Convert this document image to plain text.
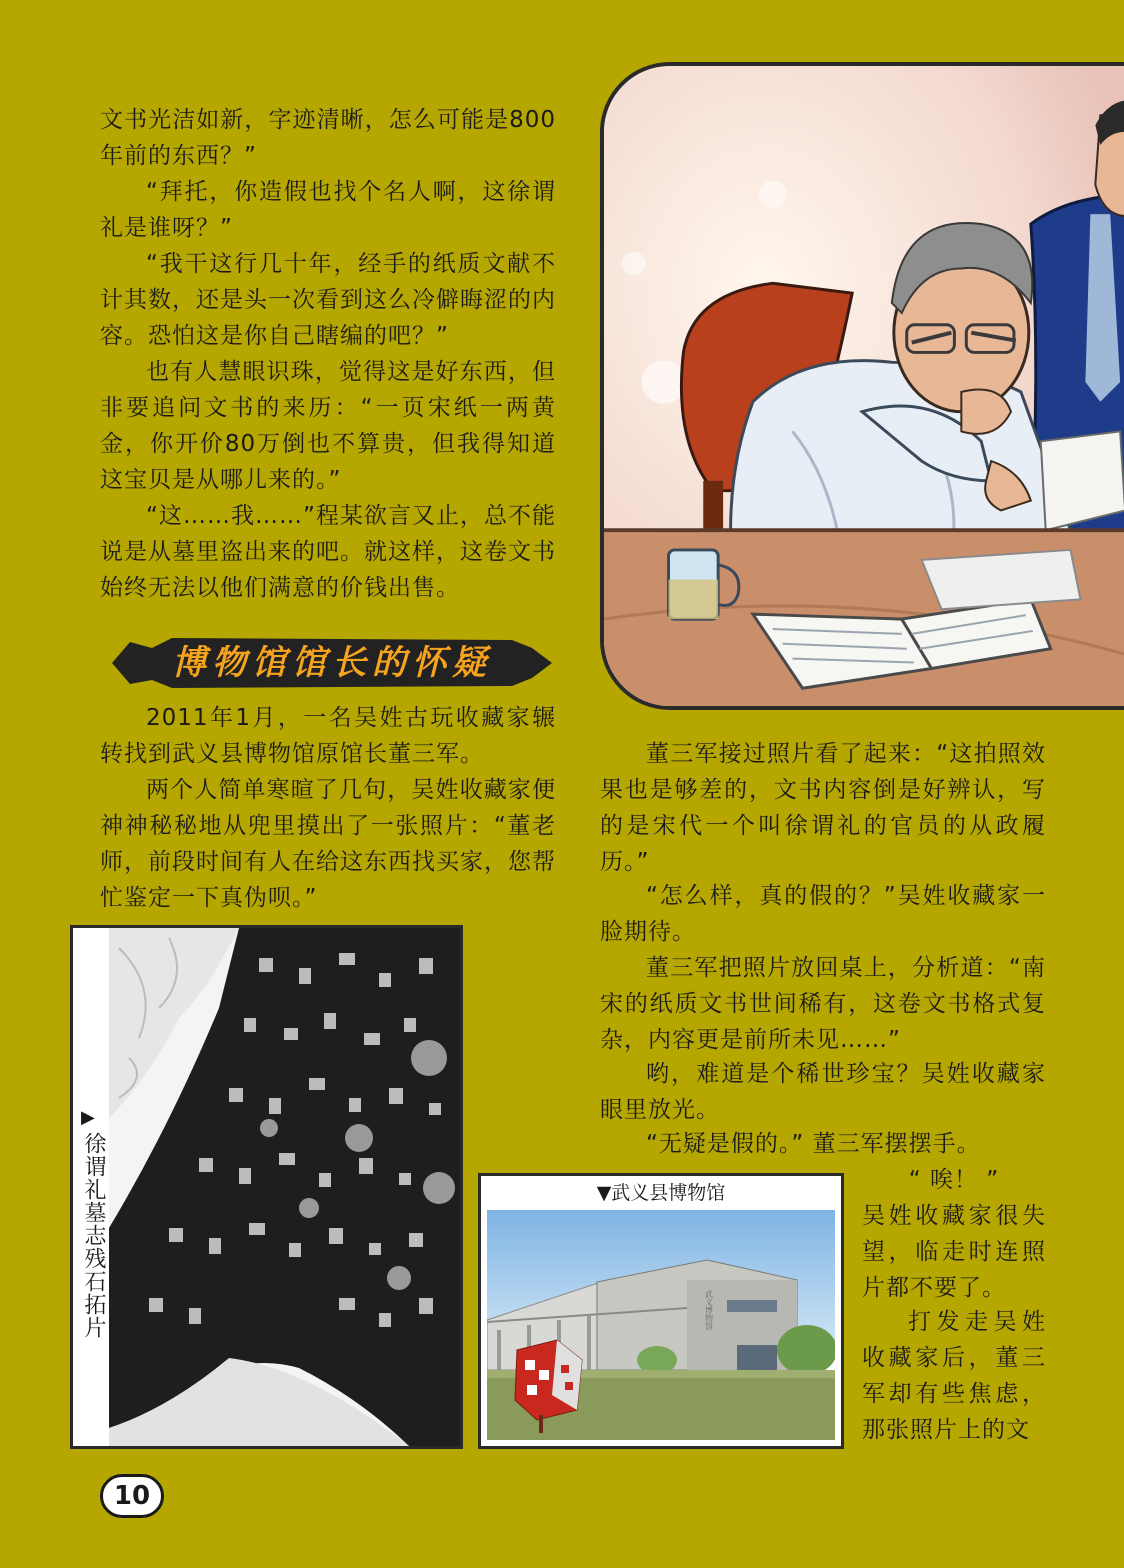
文书光洁如新，字迹清晰，怎么可能是800年前的东西？”

“拜托，你造假也找个名人啊，这徐谓礼是谁呀？”

“我干这行几十年，经手的纸质文献不计其数，还是头一次看到这么冷僻晦涩的内容。恐怕这是你自己瞎编的吧？”

也有人慧眼识珠，觉得这是好东西，但非要追问文书的来历：“一页宋纸一两黄金，你开价80万倒也不算贵，但我得知道这宝贝是从哪儿来的。”

“这……我……”程某欲言又止，总不能说是从墓里盗出来的吧。就这样，这卷文书始终无法以他们满意的价钱出售。

博物馆馆长的怀疑

2011年1月，一名吴姓古玩收藏家辗转找到武义县博物馆原馆长董三军。

两个人简单寒暄了几句，吴姓收藏家便神神秘秘地从兜里摸出了一张照片：“董老师，前段时间有人在给这东西找买家，您帮忙鉴定一下真伪呗。”

董三军接过照片看了起来：“这拍照效果也是够差的，文书内容倒是好辨认，写的是宋代一个叫徐谓礼的官员的从政履历。”

“怎么样，真的假的？”吴姓收藏家一脸期待。

董三军把照片放回桌上，分析道：“南宋的纸质文书世间稀有，这卷文书格式复杂，内容更是前所未见……”

哟，难道是个稀世珍宝？吴姓收藏家眼里放光。

“无疑是假的。” 董三军摆摆手。

“ 唉！ ”

吴姓收藏家很失望，临走时连照片都不要了。

打发走吴姓收藏家后，董三军却有些焦虑，那张照片上的文

▶
徐谓礼墓志残石拓片	▼武义县博物馆
武义博物馆
10
